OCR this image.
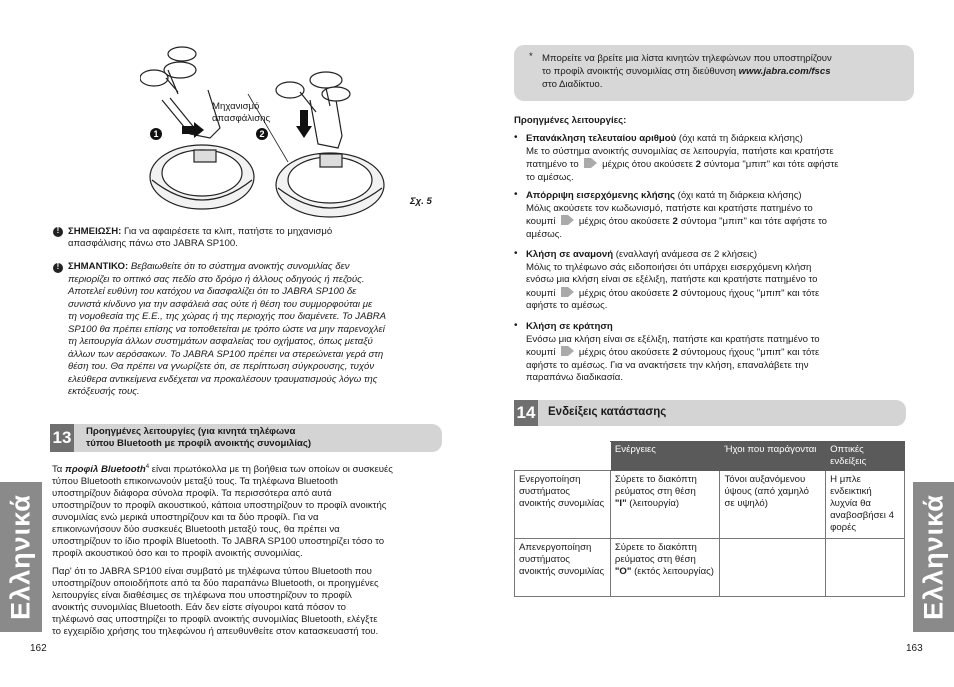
Μηχανισμό
απασφάλισης
1	2
Σχ. 5
!
ΣΗΜΕΙΩΣΗ: Για να αφαιρέσετε τα κλιπ, πατήστε το μηχανισμό
απασφάλισης πάνω στο JABRA SP100.
!
ΣΗΜΑΝΤΙΚΟ: Βεβαιωθείτε ότι το σύστημα ανοικτής συνομιλίας δεν
περιορίζει το οπτικό σας πεδίο στο δρόμο ή άλλους οδηγούς ή πεζούς.
Αποτελεί ευθύνη του κατόχου να διασφαλίζει ότι το JABRA SP100 δε
συνιστά κίνδυνο για την ασφάλειά σας ούτε ή θέση του συμμορφούται με
τη νομοθεσία της Ε.Ε., της χώρας ή της περιοχής που διαμένετε. Το JABRA
SP100 θα πρέπει επίσης να τοποθετείται με τρόπο ώστε να μην παρενοχλεί
τη λειτουργία άλλων συστημάτων ασφαλείας του οχήματος, όπως μεταξύ
άλλων των αερόσακων. Το JABRA SP100 πρέπει να στερεώνεται γερά στη
θέση του. Θα πρέπει να γνωρίζετε ότι, σε περίπτωση σύγκρουσης, τυχόν
ελεύθερα αντικείμενα ενδέχεται να προκαλέσουν τραυματισμούς λόγω της
εκτόξευσής τους.
13 Προηγμένες λειτουργίες (για κινητά τηλέφωνα
τύπου Bluetooth με προφίλ ανοικτής συνομιλίας)
Τα προφίλ Bluetooth$^4$ είναι πρωτόκολλα με τη βοήθεια των οποίων οι συσκευές
τύπου Bluetooth επικοινωνούν μεταξύ τους. Τα τηλέφωνα Bluetooth
υποστηρίζουν διάφορα σύνολα προφίλ. Τα περισσότερα από αυτά
υποστηρίζουν το προφίλ ακουστικού, κάποια υποστηρίζουν το προφίλ ανοικτής
συνομιλίας ενώ μερικά υποστηρίζουν και τα δύο προφίλ. Για να
επικοινωνήσουν δύο συσκευές Bluetooth μεταξύ τους, θα πρέπει να
υποστηρίζουν το ίδιο προφίλ Bluetooth. Το JABRA SP100 υποστηρίζει τόσο το
προφίλ ακουστικού όσο και το προφίλ ανοικτής συνομιλίας.
Παρ' ότι το JABRA SP100 είναι συμβατό με τηλέφωνα τύπου Bluetooth που
υποστηρίζουν οποιοδήποτε από τα δύο παραπάνω Bluetooth, οι προηγμένες
λειτουργίες είναι διαθέσιμες σε τηλέφωνα που υποστηρίζουν το προφίλ
ανοικτής συνομιλίας Bluetooth. Εάν δεν είστε σίγουροι κατά πόσον το
τηλέφωνό σας υποστηρίζει το προφίλ ανοικτής συνομιλίας Bluetooth, ελέγξτε
το εγχειρίδιο χρήσης του τηλεφώνου ή απευθυνθείτε στον κατασκευαστή του.
Ελληνικά
162
* Μπορείτε να βρείτε μια λίστα κινητών τηλεφώνων που υποστηρίζουν
το προφίλ ανοικτής συνομιλίας στη διεύθυνση www.jabra.com/fscs
στο Διαδίκτυο.
Προηγμένες λειτουργίες:
• Επανάκληση τελευταίου αριθμού (όχι κατά τη διάρκεια κλήσης)
Με το σύστημα ανοικτής συνομιλίας σε λειτουργία, πατήστε και κρατήστε
πατημένο το  μέχρις ότου ακούσετε 2 σύντομα "μπιπ" και τότε αφήστε
το αμέσως.
• Απόρριψη εισερχόμενης κλήσης (όχι κατά τη διάρκεια κλήσης)
Μόλις ακούσετε τον κωδωνισμό, πατήστε και κρατήστε πατημένο το
κουμπί  μέχρις ότου ακούσετε 2 σύντομα "μπιπ" και τότε αφήστε το
αμέσως.
• Κλήση σε αναμονή (εναλλαγή ανάμεσα σε 2 κλήσεις)
Μόλις το τηλέφωνο σάς ειδοποιήσει ότι υπάρχει εισερχόμενη κλήση
ενόσω μια κλήση είναι σε εξέλιξη, πατήστε και κρατήστε πατημένο το
κουμπί  μέχρις ότου ακούσετε 2 σύντομους ήχους "μπιπ" και τότε
αφήστε το αμέσως.
• Κλήση σε κράτηση
Ενόσω μια κλήση είναι σε εξέλιξη, πατήστε και κρατήστε πατημένο το
κουμπί  μέχρις ότου ακούσετε 2 σύντομους ήχους "μπιπ" και τότε
αφήστε το αμέσως. Για να ανακτήσετε την κλήση, επαναλάβετε την
παραπάνω διαδικασία.
14 Ενδείξεις κατάστασης
	Ενέργειες	Ήχοι που παράγονται	Οπτικές ενδείξεις
Ενεργοποίηση συστήματος ανοικτής συνομιλίας	Σύρετε το διακόπτη ρεύματος στη θέση
"I" (λειτουργία)	Τόνοι αυξανόμενου ύψους (από χαμηλό σε υψηλό)	Η μπλε ενδεικτική λυχνία θα αναβοσβήσει 4 φορές
Απενεργοποίηση συστήματος ανοικτής συνομιλίας	Σύρετε το διακόπτη ρεύματος στη θέση
"O" (εκτός λειτουργίας)			Ελληνικά
163
